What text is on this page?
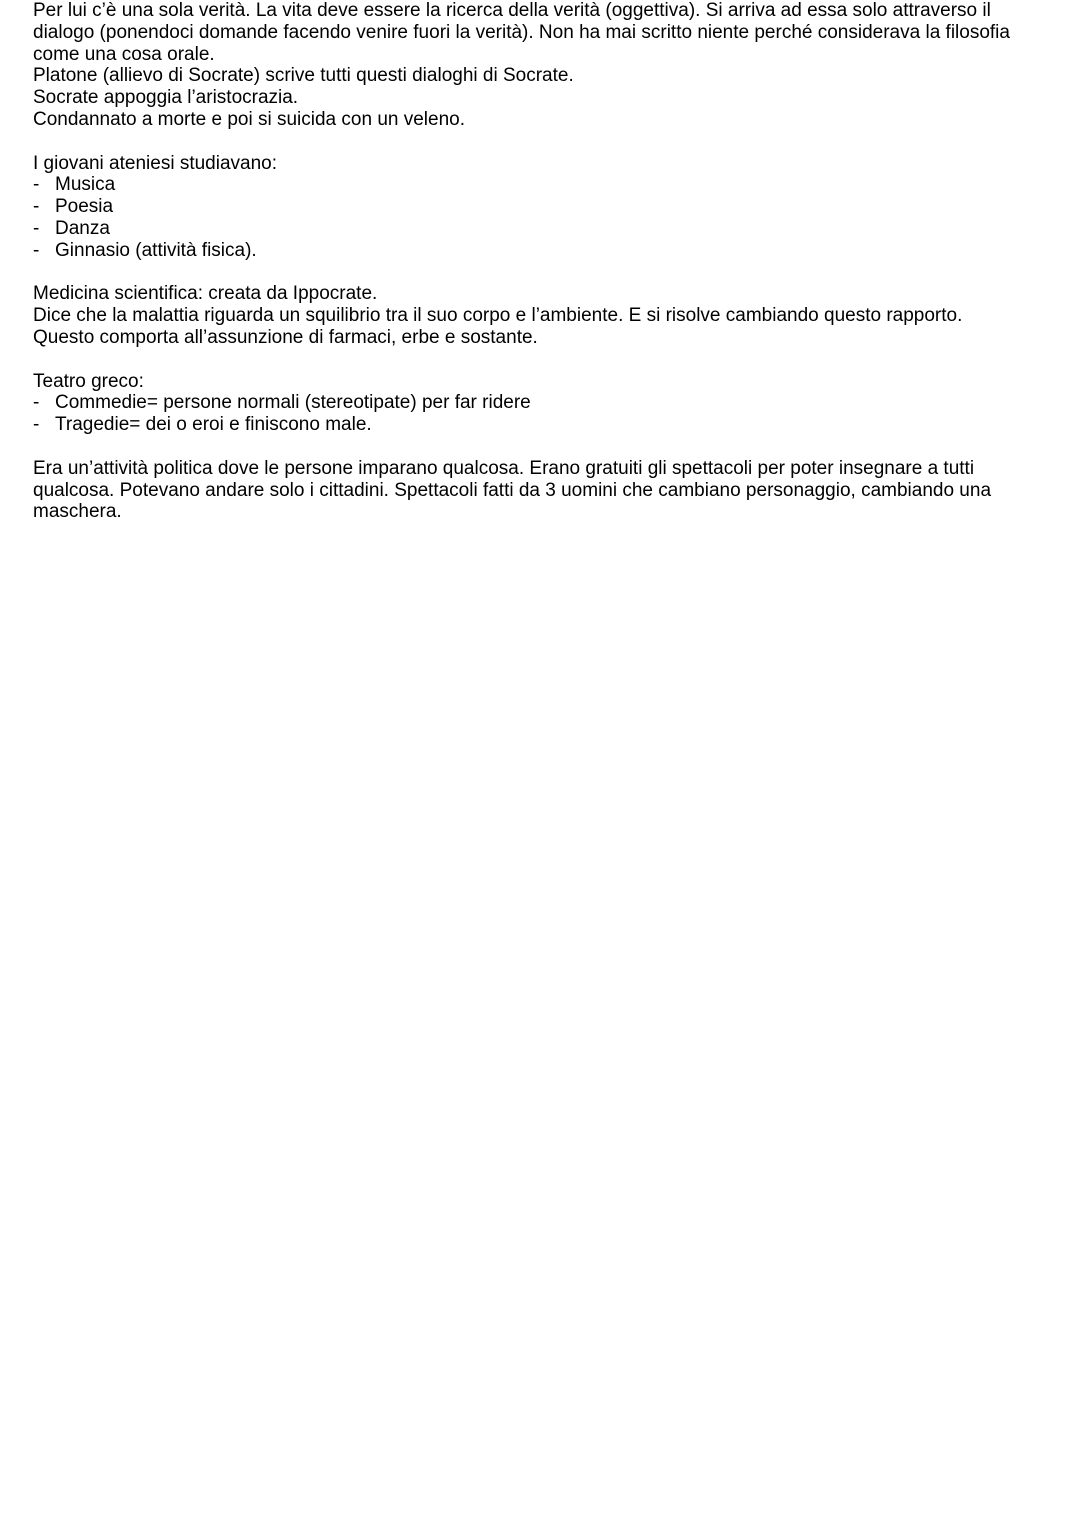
Per lui c’è una sola verità. La vita deve essere la ricerca della verità (oggettiva). Si arriva ad essa solo attraverso il dialogo (ponendoci domande facendo venire fuori la verità). Non ha mai scritto niente perché considerava la filosofia come una cosa orale.

Platone (allievo di Socrate) scrive tutti questi dialoghi di Socrate.

Socrate appoggia l’aristocrazia.

Condannato a morte e poi si suicida con un veleno.

I giovani ateniesi studiavano:

- Musica
- Poesia
- Danza
- Ginnasio (attività fisica).

Medicina scientifica: creata da Ippocrate.

Dice che la malattia riguarda un squilibrio tra il suo corpo e l’ambiente. E si risolve cambiando questo rapporto.

Questo comporta all’assunzione di farmaci, erbe e sostante.

Teatro greco:

- Commedie= persone normali (stereotipate) per far ridere
- Tragedie= dei o eroi e finiscono male.

Era un’attività politica dove le persone imparano qualcosa. Erano gratuiti gli spettacoli per poter insegnare a tutti qualcosa. Potevano andare solo i cittadini. Spettacoli fatti da 3 uomini che cambiano personaggio, cambiando una maschera.
